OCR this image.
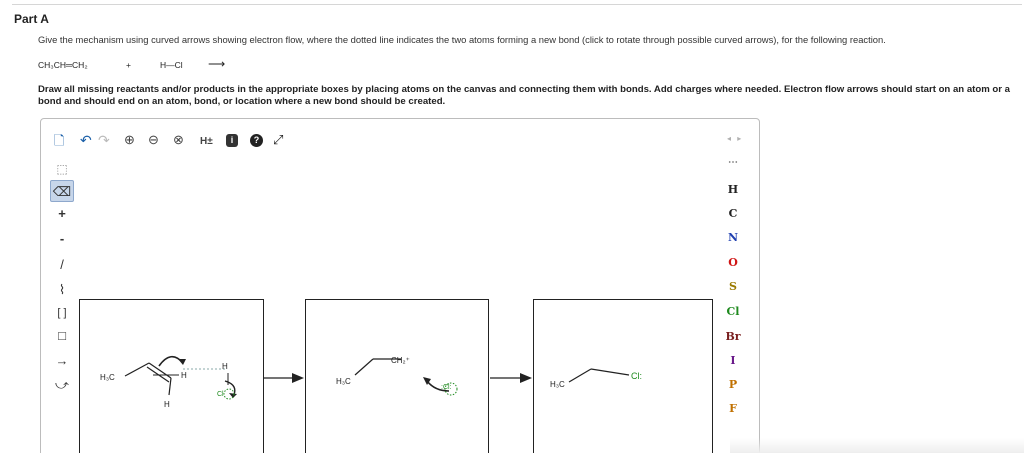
Part A
Give the mechanism using curved arrows showing electron flow, where the dotted line indicates the two atoms forming a new bond (click to rotate through possible curved arrows), for the following reaction.
CH₃CH═CH₂	+	H—Cl ⟶
Draw all missing reactants and/or products in the appropriate boxes by placing atoms on the canvas and connecting them with bonds. Add charges where needed. Electron flow arrows should start on an atom or a bond and should end on an atom, bond, or location where a new bond should be created.
🗋 ↶ ↷ ⊕ ⊖ ⊗ H±	i	? ⤢	◂ ▸
⬚
⌫
+
-
/
⌇
[ ]
□
→
⤻
⋯
H
C
N
O
S
Cl
Br
I
P
F
H₃C	H
H
H
Cl
H₃C
CH₂⁺
:Cl:	H₃C
Cl:
